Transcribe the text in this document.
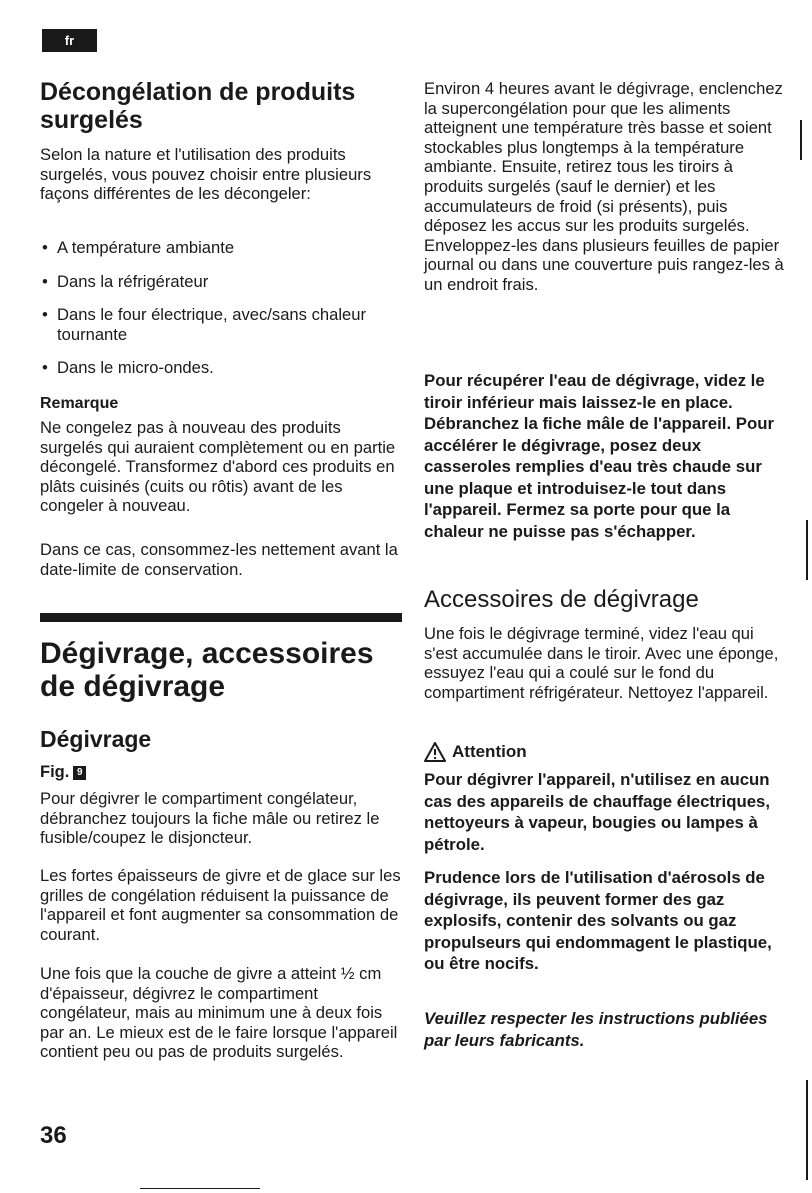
fr
Décongélation de produits surgelés

Selon la nature et l'utilisation des produits surgelés, vous pouvez choisir entre plusieurs façons différentes de les décongeler:

• A température ambiante
• Dans la réfrigérateur
• Dans le four électrique, avec/sans chaleur tournante
• Dans le micro-ondes.
Remarque

Ne congelez pas à nouveau des produits surgelés qui auraient complètement ou en partie décongelé. Transformez d'abord ces produits en plâts cuisinés (cuits ou rôtis) avant de les congeler à nouveau.

Dans ce cas, consommez-les nettement avant la date-limite de conservation.

Dégivrage, accessoires de dégivrage
Dégivrage
Fig. 9

Pour dégivrer le compartiment congélateur, débranchez toujours la fiche mâle ou retirez le fusible/coupez le disjoncteur.

Les fortes épaisseurs de givre et de glace sur les grilles de congélation réduisent la puissance de l'appareil et font augmenter sa consommation de courant.

Une fois que la couche de givre a atteint ½ cm d'épaisseur, dégivrez le compartiment congélateur, mais au minimum une à deux fois par an. Le mieux est de le faire lorsque l'appareil contient peu ou pas de produits surgelés.

Environ 4 heures avant le dégivrage, enclenchez la supercongélation pour que les aliments atteignent une température très basse et soient stockables plus longtemps à la température ambiante. Ensuite, retirez tous les tiroirs à produits surgelés (sauf le dernier) et les accumulateurs de froid (si présents), puis déposez les accus sur les produits surgelés. Enveloppez-les dans plusieurs feuilles de papier journal ou dans une couverture puis rangez-les à un endroit frais.

Pour récupérer l'eau de dégivrage, videz le tiroir inférieur mais laissez-le en place. Débranchez la fiche mâle de l'appareil. Pour accélérer le dégivrage, posez deux casseroles remplies d'eau très chaude sur une plaque et introduisez-le tout dans l'appareil. Fermez sa porte pour que la chaleur ne puisse pas s'échapper.

Accessoires de dégivrage

Une fois le dégivrage terminé, videz l'eau qui s'est accumulée dans le tiroir. Avec une éponge, essuyez l'eau qui a coulé sur le fond du compartiment réfrigérateur. Nettoyez l'appareil.

Attention

Pour dégivrer l'appareil, n'utilisez en aucun cas des appareils de chauffage électriques, nettoyeurs à vapeur, bougies ou lampes à pétrole.

Prudence lors de l'utilisation d'aérosols de dégivrage, ils peuvent former des gaz explosifs, contenir des solvants ou gaz propulseurs qui endommagent le plastique, ou être nocifs.

Veuillez respecter les instructions publiées par leurs fabricants.

36
